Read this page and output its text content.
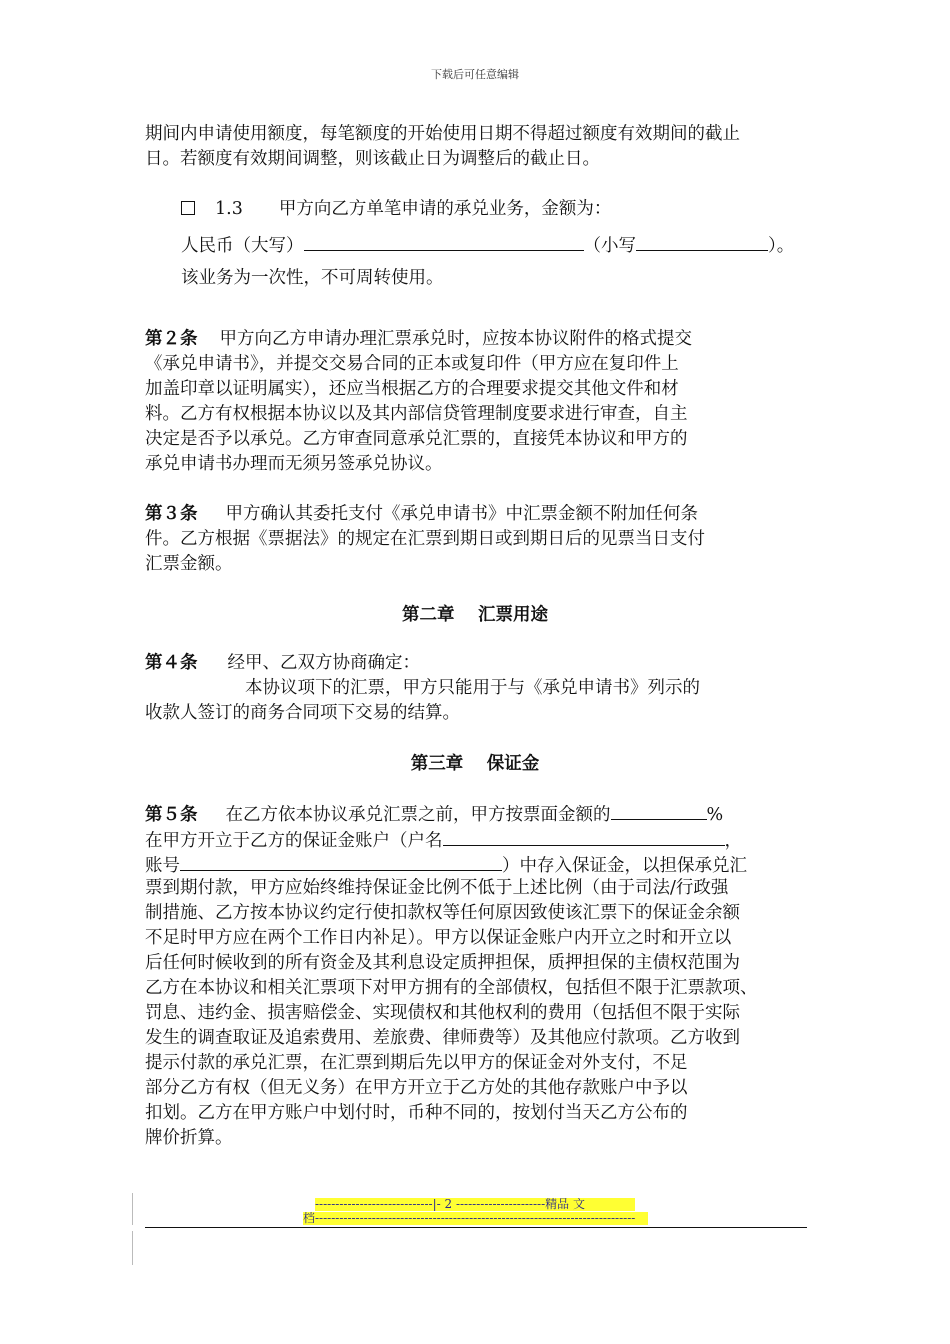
下载后可任意编辑
期间内申请使用额度，每笔额度的开始使用日期不得超过额度有效期间的截止
日。若额度有效期间调整，则该截止日为调整后的截止日。
1.3 甲方向乙方单笔申请的承兑业务，金额为：
人民币（大写）	（小写	）。
该业务为一次性，不可周转使用。
第２条 甲方向乙方申请办理汇票承兑时，应按本协议附件的格式提交
《承兑申请书》，并提交交易合同的正本或复印件（甲方应在复印件上
加盖印章以证明属实），还应当根据乙方的合理要求提交其他文件和材
料。乙方有权根据本协议以及其内部信贷管理制度要求进行审查，自主
决定是否予以承兑。乙方审查同意承兑汇票的，直接凭本协议和甲方的
承兑申请书办理而无须另签承兑协议。
第３条 甲方确认其委托支付《承兑申请书》中汇票金额不附加任何条
件。乙方根据《票据法》的规定在汇票到期日或到期日后的见票当日支付
汇票金额。
第二章　 汇票用途
第４条 经甲、乙双方协商确定：
本协议项下的汇票，甲方只能用于与《承兑申请书》列示的
收款人签订的商务合同项下交易的结算。
第三章　 保证金
第５条 在乙方依本协议承兑汇票之前，甲方按票面金额的	%
在甲方开立于乙方的保证金账户（户名	，
账号	）中存入保证金，以担保承兑汇
票到期付款，甲方应始终维持保证金比例不低于上述比例（由于司法/行政强
制措施、乙方按本协议约定行使扣款权等任何原因致使该汇票下的保证金余额
不足时甲方应在两个工作日内补足）。甲方以保证金账户内开立之时和开立以
后任何时候收到的所有资金及其利息设定质押担保，质押担保的主债权范围为
乙方在本协议和相关汇票项下对甲方拥有的全部债权，包括但不限于汇票款项、
罚息、违约金、损害赔偿金、实现债权和其他权利的费用（包括但不限于实际
发生的调查取证及追索费用、差旅费、律师费等）及其他应付款项。乙方收到
提示付款的承兑汇票，在汇票到期后先以甲方的保证金对外支付，不足
部分乙方有权（但无义务）在甲方开立于乙方处的其他存款账户中予以
扣划。乙方在甲方账户中划付时，币种不同的，按划付当天乙方公布的
牌价折算。
-----------------------------|- 2 ----------------------精品 文
档-------------------------------------------------------------------------------
